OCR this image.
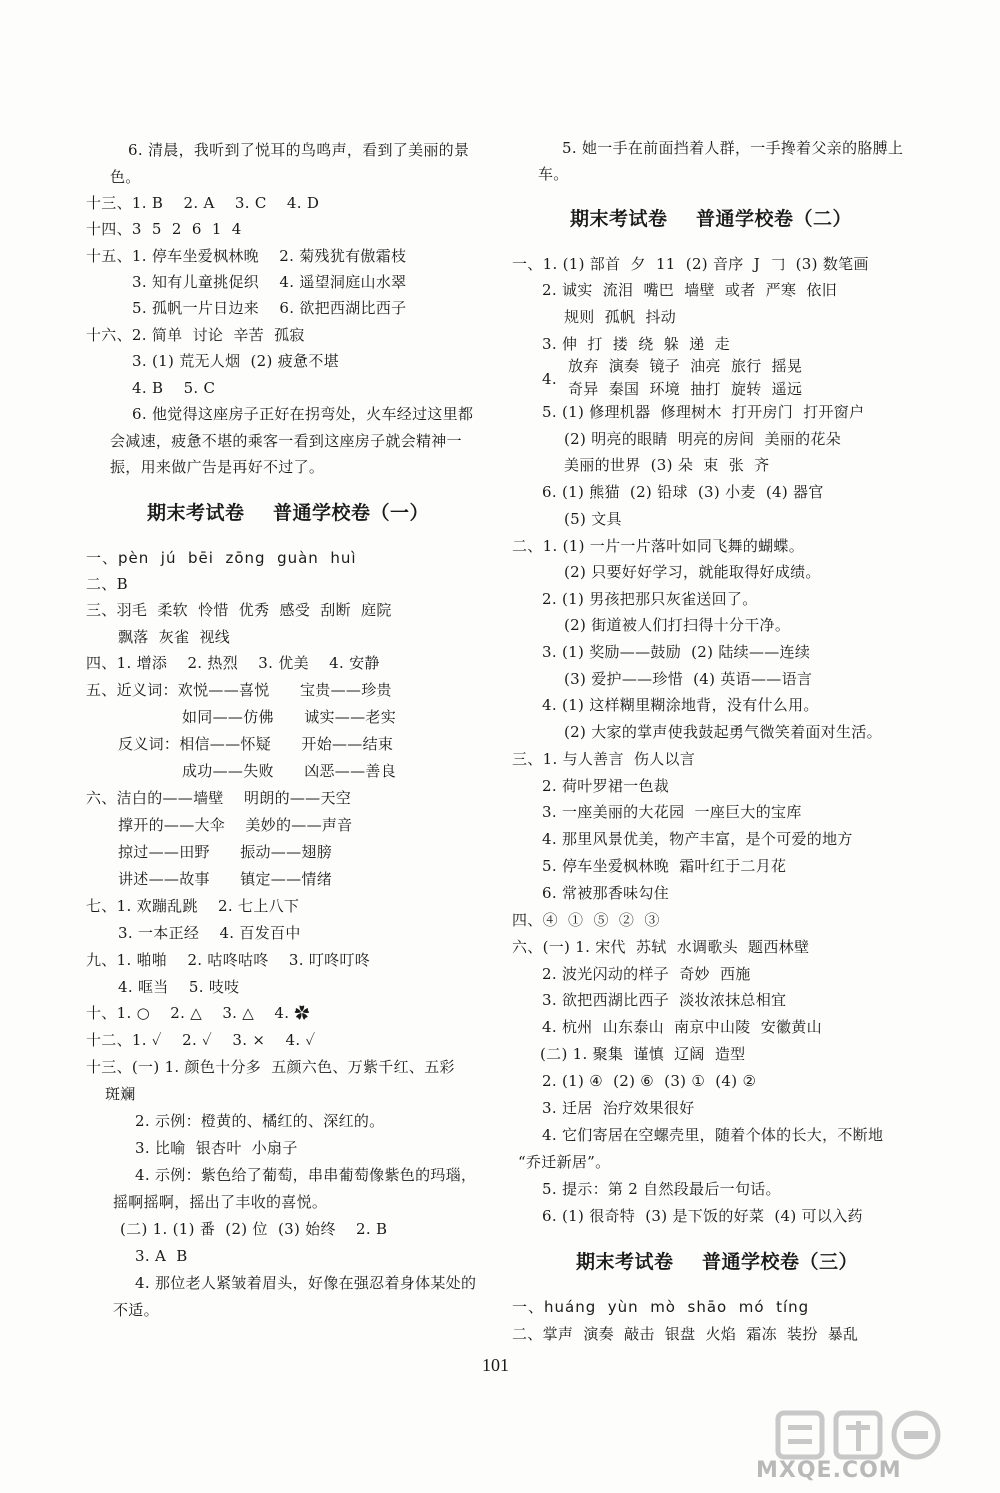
6. 清晨，我听到了悦耳的鸟鸣声，看到了美丽的景
色。
十三、1. B    2. A    3. C    4. D
十四、3  5  2  6  1  4
十五、1. 停车坐爱枫林晚    2. 菊残犹有傲霜枝
3. 知有儿童挑促织    4. 遥望洞庭山水翠
5. 孤帆一片日边来    6. 欲把西湖比西子
十六、2. 简单  讨论  辛苦  孤寂
3. (1) 荒无人烟  (2) 疲惫不堪
4. B    5. C
6. 他觉得这座房子正好在拐弯处，火车经过这里都
会减速，疲惫不堪的乘客一看到这座房子就会精神一
振，用来做广告是再好不过了。
一、pèn  jú  bēi  zōng  guàn  huì
二、B
三、羽毛  柔软  怜惜  优秀  感受  刮断  庭院
飘落  灰雀  视线
四、1. 增添    2. 热烈    3. 优美    4. 安静
五、近义词：欢悦——喜悦      宝贵——珍贵
如同——仿佛      诚实——老实
反义词：相信——怀疑      开始——结束
成功——失败      凶恶——善良
六、洁白的——墙壁    明朗的——天空
撑开的——大伞    美妙的——声音
掠过——田野      振动——翅膀
讲述——故事      镇定——情绪
七、1. 欢蹦乱跳    2. 七上八下
3. 一本正经    4. 百发百中
九、1. 啪啪    2. 咕咚咕咚    3. 叮咚叮咚
4. 哐当    5. 吱吱
十、1. ○    2. △    3. △    4. ✿
十二、1. ✓    2. ✓    3. ×    4. ✓
十三、(一) 1. 颜色十分多  五颜六色、万紫千红、五彩
斑斓
2. 示例：橙黄的、橘红的、深红的。
3. 比喻  银杏叶  小扇子
4. 示例：紫色给了葡萄，串串葡萄像紫色的玛瑙，
摇啊摇啊，摇出了丰收的喜悦。
(二) 1. (1) 番  (2) 位  (3) 始终    2. B
3. A  B
4. 那位老人紧皱着眉头，好像在强忍着身体某处的
不适。
期末考试卷    普通学校卷（一）
5. 她一手在前面挡着人群，一手搀着父亲的胳膊上
车。
一、1. (1) 部首  夕  11  (2) 音序  J  𠃌  (3) 数笔画
2. 诚实  流泪  嘴巴  墙壁  或者  严寒  依旧
规则  孤帆  抖动
3. 伸  打  搂  绕  躲  递  走
放弃  演奏  镜子  油亮  旅行  摇晃
4.
奇异  秦国  环境  抽打  旋转  遥远
5. (1) 修理机器  修理树木  打开房门  打开窗户
(2) 明亮的眼睛  明亮的房间  美丽的花朵
美丽的世界  (3) 朵  束  张  齐
6. (1) 熊猫  (2) 铅球  (3) 小麦  (4) 器官
(5) 文具
二、1. (1) 一片一片落叶如同飞舞的蝴蝶。
(2) 只要好好学习，就能取得好成绩。
2. (1) 男孩把那只灰雀送回了。
(2) 街道被人们打扫得十分干净。
3. (1) 奖励——鼓励  (2) 陆续——连续
(3) 爱护——珍惜  (4) 英语——语言
4. (1) 这样糊里糊涂地背，没有什么用。
(2) 大家的掌声使我鼓起勇气微笑着面对生活。
三、1. 与人善言  伤人以言
2. 荷叶罗裙一色裁
3. 一座美丽的大花园  一座巨大的宝库
4. 那里风景优美，物产丰富，是个可爱的地方
5. 停车坐爱枫林晚  霜叶红于二月花
6. 常被那香味勾住
四、④  ①  ⑤  ②  ③
六、(一) 1. 宋代  苏轼  水调歌头  题西林壁
2. 波光闪动的样子  奇妙  西施
3. 欲把西湖比西子  淡妆浓抹总相宜
4. 杭州  山东泰山  南京中山陵  安徽黄山
(二) 1. 聚集  谨慎  辽阔  造型
2. (1) ④  (2) ⑥  (3) ①  (4) ②
3. 迁居  治疗效果很好
4. 它们寄居在空螺壳里，随着个体的长大，不断地
“乔迁新居”。
5. 提示：第 2 自然段最后一句话。
6. (1) 很奇特  (3) 是下饭的好菜  (4) 可以入药
一、huáng  yùn  mò  shāo  mó  tíng
二、掌声  演奏  敲击  银盘  火焰  霜冻  装扮  暴乱
期末考试卷    普通学校卷（二）
期末考试卷    普通学校卷（三）
101
MXQE.COM
